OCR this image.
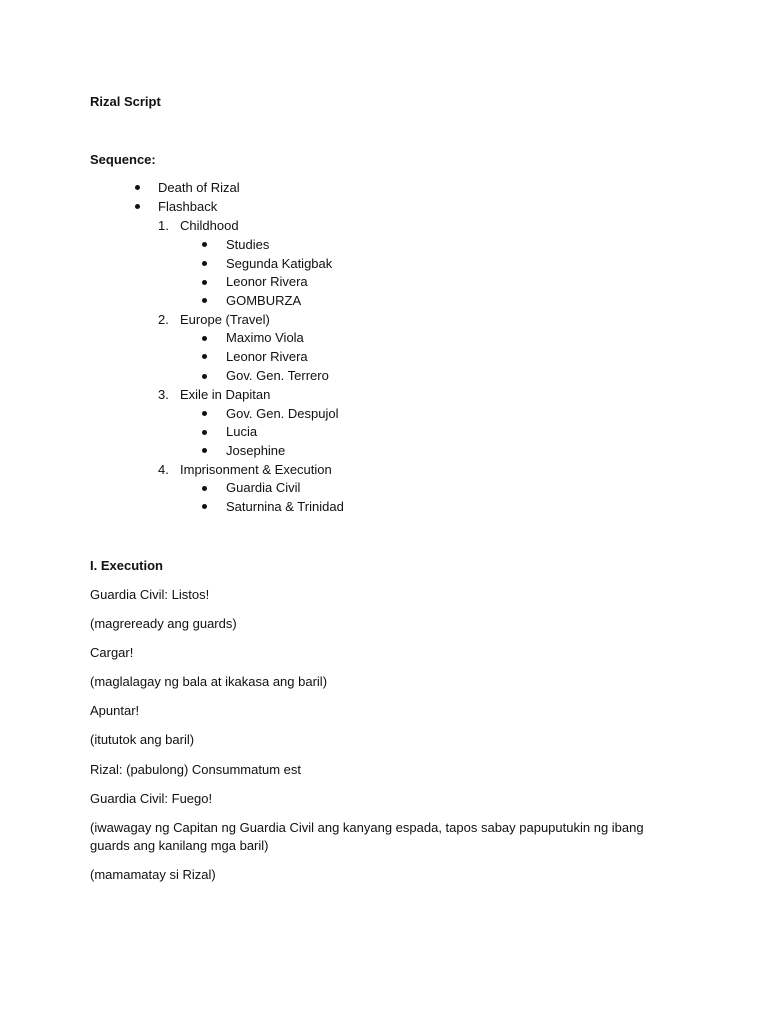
Rizal Script
Sequence:
Death of Rizal
Flashback
1. Childhood
Studies
Segunda Katigbak
Leonor Rivera
GOMBURZA
2. Europe (Travel)
Maximo Viola
Leonor Rivera
Gov. Gen. Terrero
3. Exile in Dapitan
Gov. Gen. Despujol
Lucia
Josephine
4. Imprisonment & Execution
Guardia Civil
Saturnina & Trinidad
I. Execution
Guardia Civil: Listos!
(magreready ang guards)
Cargar!
(maglalagay ng bala at ikakasa ang baril)
Apuntar!
(itututok ang baril)
Rizal: (pabulong) Consummatum est
Guardia Civil: Fuego!
(iwawagay ng Capitan ng Guardia Civil ang kanyang espada, tapos sabay papuputukin ng ibang guards ang kanilang mga baril)
(mamamatay si Rizal)
